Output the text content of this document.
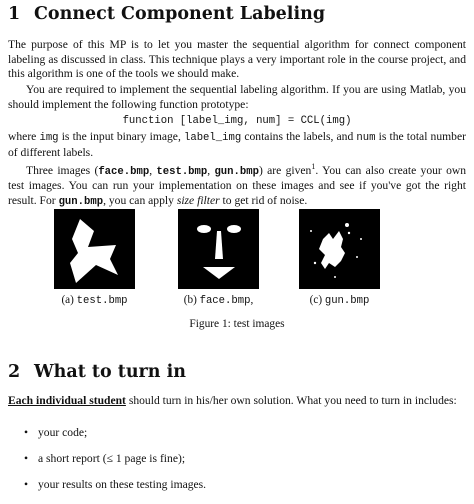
1 Connect Component Labeling
The purpose of this MP is to let you master the sequential algorithm for connect component labeling as discussed in class. This technique plays a very important role in the course project, and this algorithm is one of the tools we should make.
You are required to implement the sequential labeling algorithm. If you are using Matlab, you should implement the following function prototype:
function [label_img, num] = CCL(img)
where img is the input binary image, label_img contains the labels, and num is the total number of different labels.
Three images (face.bmp, test.bmp, gun.bmp) are given$^1$. You can also create your own test images. You can run your implementation on these images and see if you've got the right result. For gun.bmp, you can apply size filter to get rid of noise.
(a) test.bmp	(b) face.bmp,	(c) gun.bmp
Figure 1: test images
2 What to turn in
Each individual student should turn in his/her own solution. What you need to turn in includes:
• your code;
• a short report (≤ 1 page is fine);
• your results on these testing images.
